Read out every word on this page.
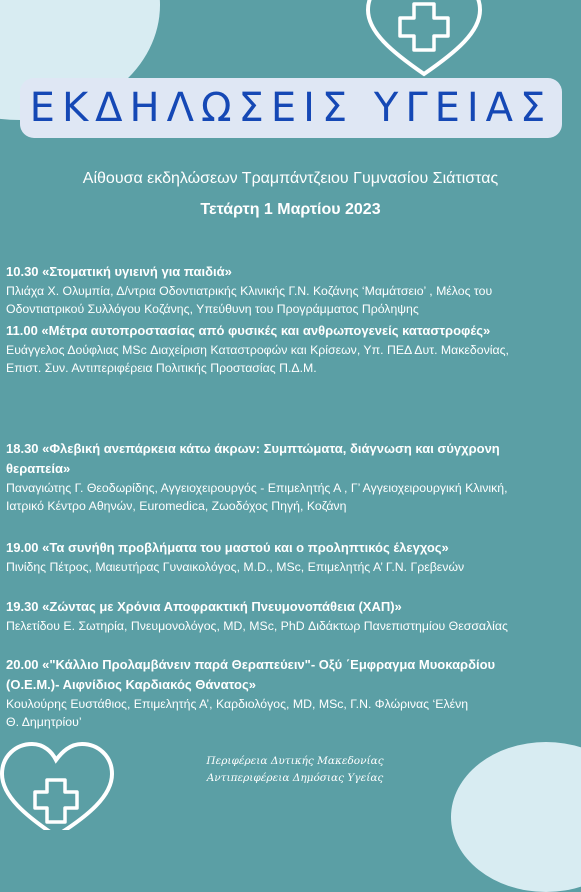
ΕΚΔΗΛΩΣΕΙΣ ΥΓΕΙΑΣ
Αίθουσα εκδηλώσεων Τραμπάντζειου Γυμνασίου Σιάτιστας
Τετάρτη 1 Μαρτίου 2023
10.30 «Στοματική υγιεινή για παιδιά»
Πλιάχα Χ. Ολυμπία, Δ/ντρια Οδοντιατρικής Κλινικής Γ.Ν. Κοζάνης ‘Μαμάτσειο’ , Μέλος του
Οδοντιατρικού Συλλόγου Κοζάνης, Υπεύθυνη του Προγράμματος Πρόληψης
11.00 «Μέτρα αυτοπροστασίας από φυσικές και ανθρωπογενείς καταστροφές»
Ευάγγελος Δούφλιας MSc Διαχείριση Καταστροφών και Κρίσεων, Υπ. ΠΕΔ Δυτ. Μακεδονίας,
Επιστ. Συν. Αντιπεριφέρεια Πολιτικής Προστασίας Π.Δ.Μ.
18.30 «Φλεβική ανεπάρκεια κάτω άκρων: Συμπτώματα, διάγνωση και σύγχρονη
θεραπεία»
Παναγιώτης Γ. Θεοδωρίδης, Αγγειοχειρουργός - Επιμελητής Α , Γ’ Αγγειοχειρουργική Κλινική,
Ιατρικό Κέντρο Αθηνών, Euromedica, Ζωοδόχος Πηγή, Κοζάνη
19.00 «Τα συνήθη προβλήματα του μαστού και ο προληπτικός έλεγχος»
Πινίδης Πέτρος, Μαιευτήρας Γυναικολόγος, M.D., MSc, Επιμελητής Α’ Γ.Ν. Γρεβενών
19.30 «Ζώντας με Χρόνια Αποφρακτική Πνευμονοπάθεια (ΧΑΠ)»
Πελετίδου Ε. Σωτηρία, Πνευμονολόγος, MD, MSc, PhD Διδάκτωρ Πανεπιστημίου Θεσσαλίας
20.00 «"Κάλλιο Προλαμβάνειν παρά Θεραπεύειν"- Οξύ ΄Εμφραγμα Μυοκαρδίου
(Ο.Ε.Μ.)- Αιφνίδιος Καρδιακός Θάνατος»
Κουλούρης Ευστάθιος, Επιμελητής Α’, Καρδιολόγος, MD, MSc, Γ.Ν. Φλώρινας ‘Ελένη
Θ. Δημητρίου’
Περιφέρεια Δυτικής Μακεδονίας
Αντιπεριφέρεια Δημόσιας Υγείας
